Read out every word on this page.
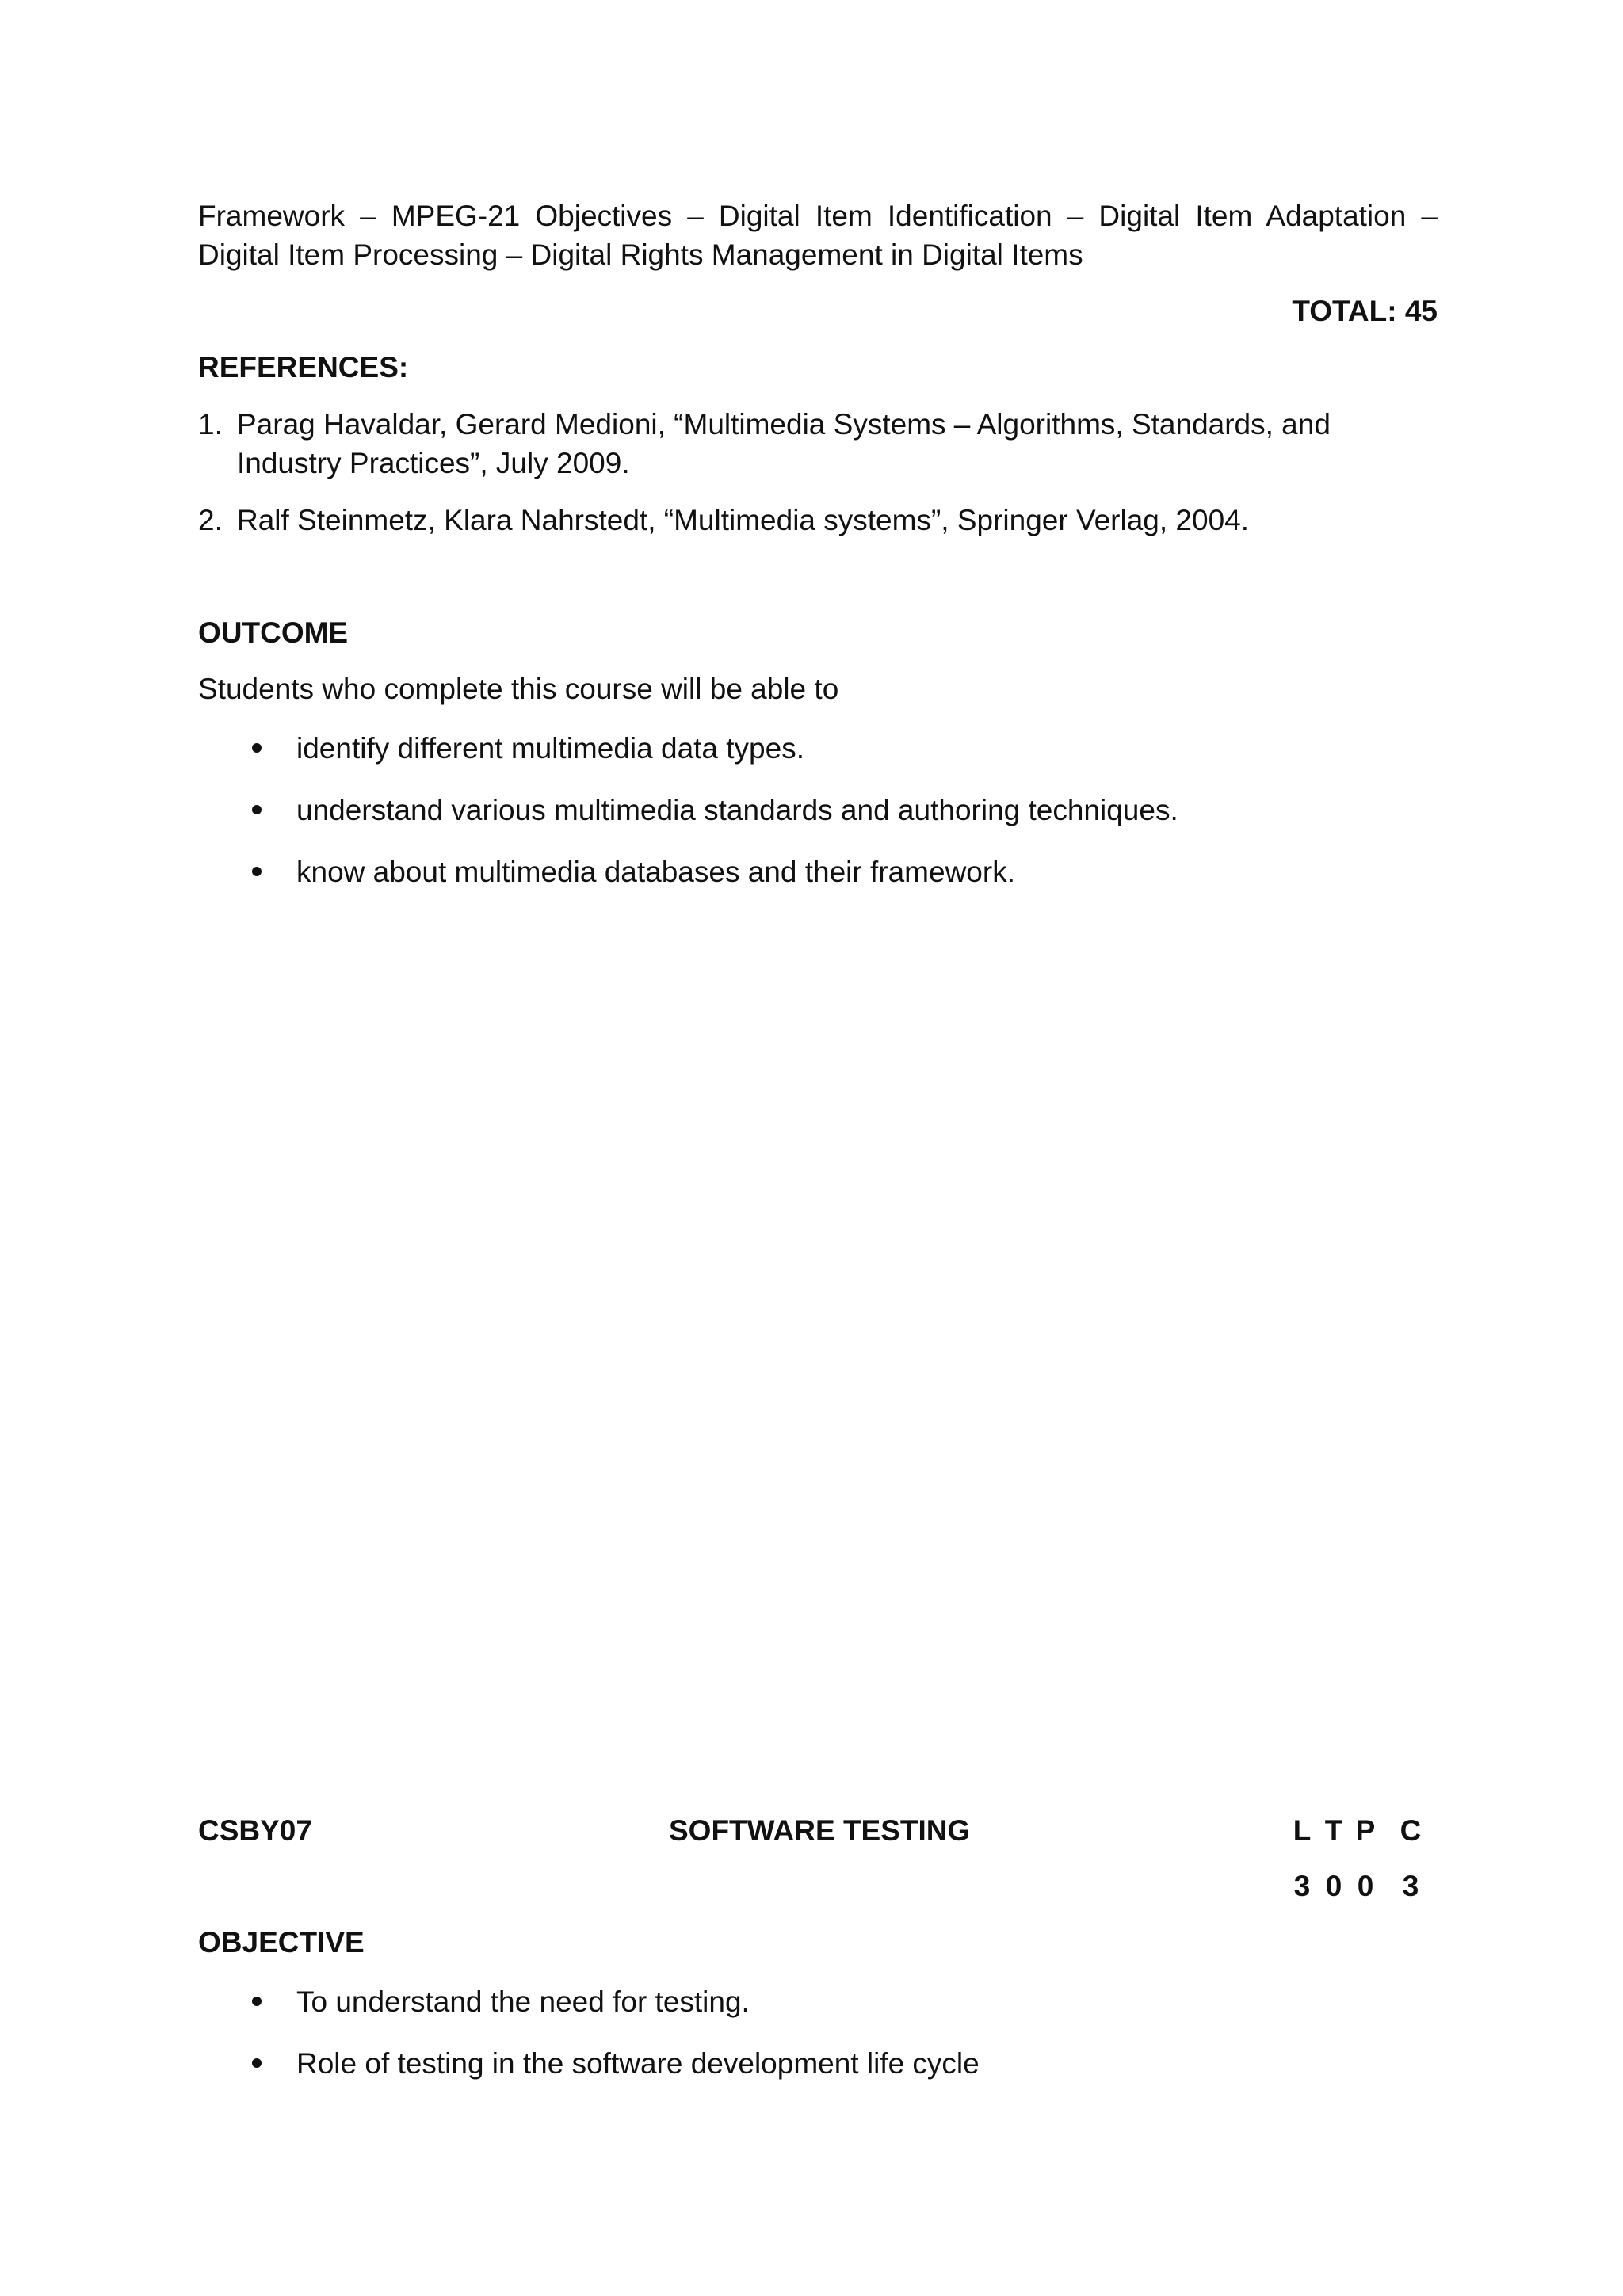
Framework – MPEG-21 Objectives – Digital Item Identification – Digital Item Adaptation –
Digital Item Processing – Digital Rights Management in Digital Items
TOTAL: 45
REFERENCES:
1. Parag Havaldar, Gerard Medioni, “Multimedia Systems – Algorithms, Standards, and
Industry Practices”, July 2009.
2. Ralf Steinmetz, Klara Nahrstedt, “Multimedia systems”, Springer Verlag, 2004.
OUTCOME
Students who complete this course will be able to
identify different multimedia data types.
understand various multimedia standards and authoring techniques.
know about multimedia databases and their framework.
CSBY07	SOFTWARE TESTING	L T P C
3 0 0 3
OBJECTIVE
To understand the need for testing.
Role of testing in the software development life cycle
